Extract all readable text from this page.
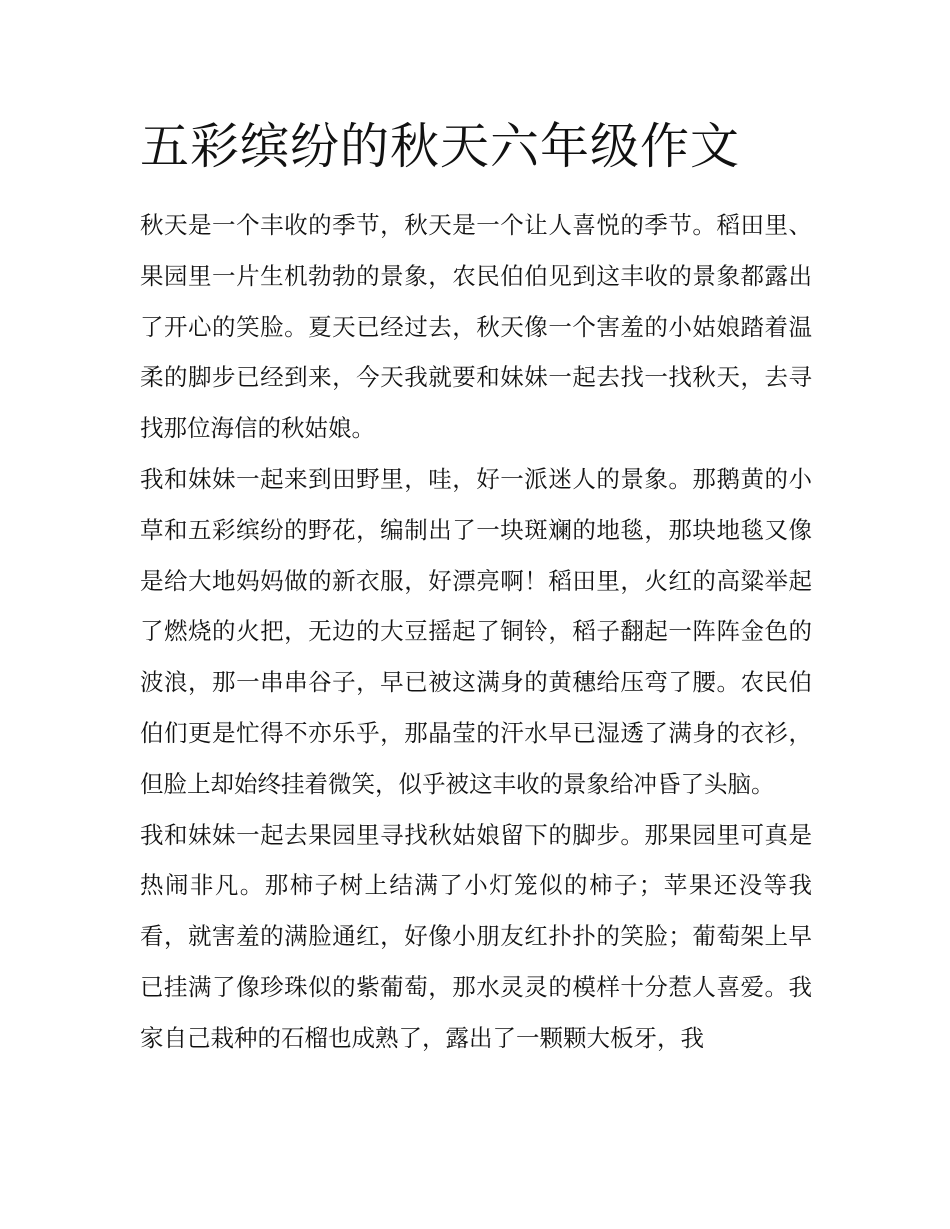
五彩缤纷的秋天六年级作文

秋天是一个丰收的季节，秋天是一个让人喜悦的季节。稻田里、果园里一片生机勃勃的景象，农民伯伯见到这丰收的景象都露出了开心的笑脸。夏天已经过去，秋天像一个害羞的小姑娘踏着温柔的脚步已经到来，今天我就要和妹妹一起去找一找秋天，去寻找那位海信的秋姑娘。

我和妹妹一起来到田野里，哇，好一派迷人的景象。那鹅黄的小草和五彩缤纷的野花，编制出了一块斑斓的地毯，那块地毯又像是给大地妈妈做的新衣服，好漂亮啊！稻田里，火红的高粱举起了燃烧的火把，无边的大豆摇起了铜铃，稻子翻起一阵阵金色的波浪，那一串串谷子，早已被这满身的黄穗给压弯了腰。农民伯伯们更是忙得不亦乐乎，那晶莹的汗水早已湿透了满身的衣衫，但脸上却始终挂着微笑，似乎被这丰收的景象给冲昏了头脑。

我和妹妹一起去果园里寻找秋姑娘留下的脚步。那果园里可真是热闹非凡。那柿子树上结满了小灯笼似的柿子；苹果还没等我看，就害羞的满脸通红，好像小朋友红扑扑的笑脸；葡萄架上早已挂满了像珍珠似的紫葡萄，那水灵灵的模样十分惹人喜爱。我家自己栽种的石榴也成熟了，露出了一颗颗大板牙，我
